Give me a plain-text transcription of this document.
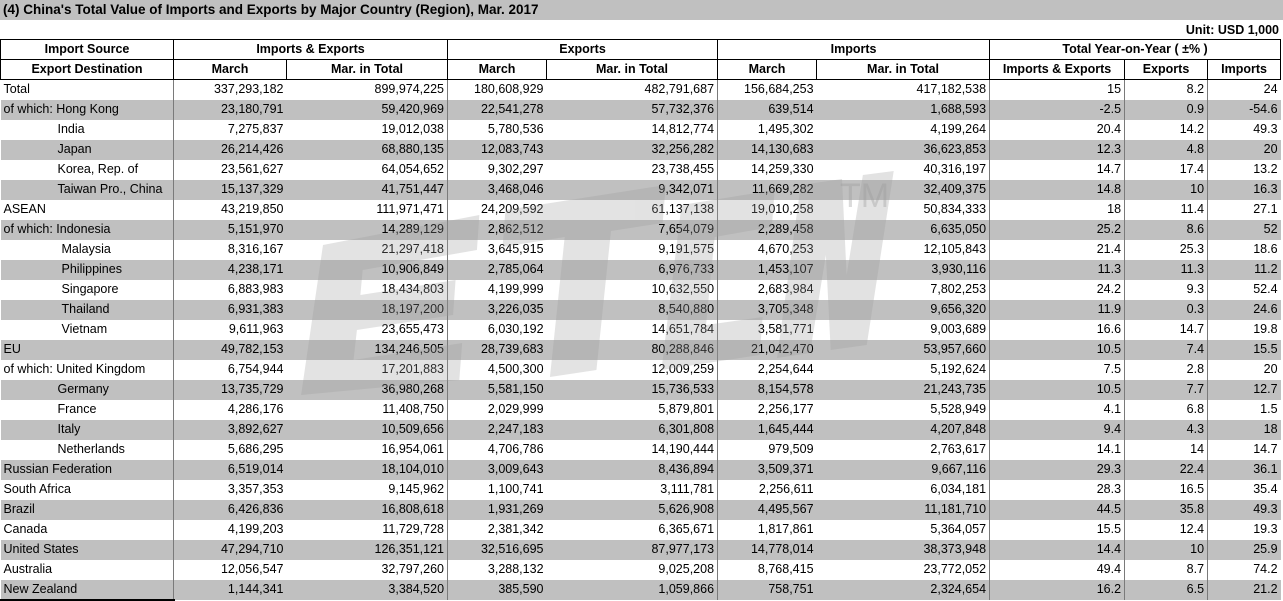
(4) China's Total Value of Imports and Exports by Major Country (Region), Mar. 2017
Unit: USD 1,000
Import Source	Imports & Exports		Exports		Imports		Total Year-on-Year ( ±% )		
Export Destination	March	Mar. in Total	March	Mar. in Total	March	Mar. in Total	Imports & Exports	Exports	Imports
Total	337,293,182	899,974,225	180,608,929	482,791,687	156,684,253	417,182,538	15	8.2	24
of which: Hong Kong	23,180,791	59,420,969	22,541,278	57,732,376	639,514	1,688,593	-2.5	0.9	-54.6
India	7,275,837	19,012,038	5,780,536	14,812,774	1,495,302	4,199,264	20.4	14.2	49.3
Japan	26,214,426	68,880,135	12,083,743	32,256,282	14,130,683	36,623,853	12.3	4.8	20
Korea, Rep. of	23,561,627	64,054,652	9,302,297	23,738,455	14,259,330	40,316,197	14.7	17.4	13.2
Taiwan Pro., China	15,137,329	41,751,447	3,468,046	9,342,071	11,669,282	32,409,375	14.8	10	16.3
ASEAN	43,219,850	111,971,471	24,209,592	61,137,138	19,010,258	50,834,333	18	11.4	27.1
of which: Indonesia	5,151,970	14,289,129	2,862,512	7,654,079	2,289,458	6,635,050	25.2	8.6	52
Malaysia	8,316,167	21,297,418	3,645,915	9,191,575	4,670,253	12,105,843	21.4	25.3	18.6
Philippines	4,238,171	10,906,849	2,785,064	6,976,733	1,453,107	3,930,116	11.3	11.3	11.2
Singapore	6,883,983	18,434,803	4,199,999	10,632,550	2,683,984	7,802,253	24.2	9.3	52.4
Thailand	6,931,383	18,197,200	3,226,035	8,540,880	3,705,348	9,656,320	11.9	0.3	24.6
Vietnam	9,611,963	23,655,473	6,030,192	14,651,784	3,581,771	9,003,689	16.6	14.7	19.8
EU	49,782,153	134,246,505	28,739,683	80,288,846	21,042,470	53,957,660	10.5	7.4	15.5
of which: United Kingdom	6,754,944	17,201,883	4,500,300	12,009,259	2,254,644	5,192,624	7.5	2.8	20
Germany	13,735,729	36,980,268	5,581,150	15,736,533	8,154,578	21,243,735	10.5	7.7	12.7
France	4,286,176	11,408,750	2,029,999	5,879,801	2,256,177	5,528,949	4.1	6.8	1.5
Italy	3,892,627	10,509,656	2,247,183	6,301,808	1,645,444	4,207,848	9.4	4.3	18
Netherlands	5,686,295	16,954,061	4,706,786	14,190,444	979,509	2,763,617	14.1	14	14.7
Russian Federation	6,519,014	18,104,010	3,009,643	8,436,894	3,509,371	9,667,116	29.3	22.4	36.1
South Africa	3,357,353	9,145,962	1,100,741	3,111,781	2,256,611	6,034,181	28.3	16.5	35.4
Brazil	6,426,836	16,808,618	1,931,269	5,626,908	4,495,567	11,181,710	44.5	35.8	49.3
Canada	4,199,203	11,729,728	2,381,342	6,365,671	1,817,861	5,364,057	15.5	12.4	19.3
United States	47,294,710	126,351,121	32,516,695	87,977,173	14,778,014	38,373,948	14.4	10	25.9
Australia	12,056,547	32,797,260	3,288,132	9,025,208	8,768,415	23,772,052	49.4	8.7	74.2
New Zealand	1,144,341	3,384,520	385,590	1,059,866	758,751	2,324,654	16.2	6.5	21.2
TM
